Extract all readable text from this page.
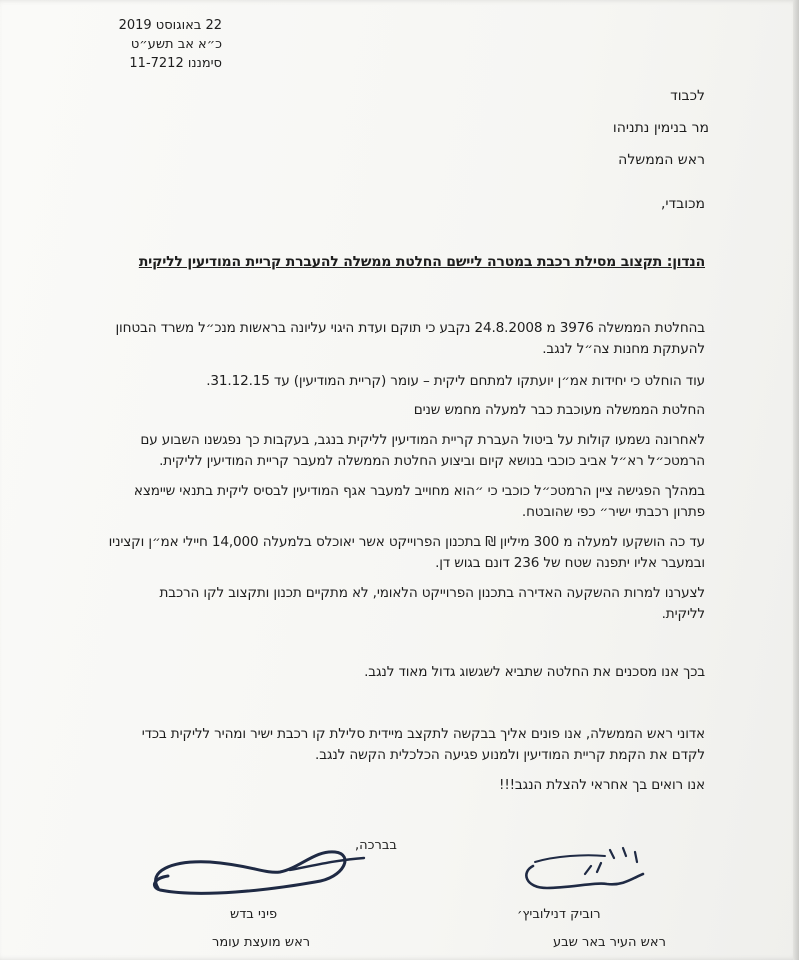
22 באוגוסט 2019
כ״א אב תשע״ט
סימננו 11-7212
לכבוד
מר בנימין נתניהו
ראש הממשלה
מכובדי,
הנדון: תקצוב מסילת רכבת במטרה ליישם החלטת ממשלה להעברת קריית המודיעין לליקית
בהחלטת הממשלה 3976 מ 24.8.2008 נקבע כי תוקם ועדת היגוי עליונה בראשות מנכ״ל משרד הבטחון
להעתקת מחנות צה״ל לנגב.
עוד הוחלט כי יחידות אמ״ן יועתקו למתחם ליקית – עומר (קריית המודיעין) עד 31.12.15.
החלטת הממשלה מעוכבת כבר למעלה מחמש שנים
לאחרונה נשמעו קולות על ביטול העברת קריית המודיעין לליקית בנגב, בעקבות כך נפגשנו השבוע עם
הרמטכ״ל רא״ל אביב כוכבי בנושא קיום וביצוע החלטת הממשלה למעבר קריית המודיעין לליקית.
במהלך הפגישה ציין הרמטכ״ל כוכבי כי ״הוא מחוייב למעבר אגף המודיעין לבסיס ליקית בתנאי שיימצא
פתרון רכבתי ישיר״ כפי שהובטח.
עד כה הושקעו למעלה מ 300 מיליון ₪ בתכנון הפרוייקט אשר יאוכלס בלמעלה 14,000 חיילי אמ״ן וקציניו
ובמעבר אליו יתפנה שטח של 236 דונם בגוש דן.
לצערנו למרות ההשקעה האדירה בתכנון הפרוייקט הלאומי, לא מתקיים תכנון ותקצוב לקו הרכבת
לליקית.
בכך אנו מסכנים את החלטה שתביא לשגשוג גדול מאוד לנגב.
אדוני ראש הממשלה, אנו פונים אליך בבקשה לתקצב מיידית סלילת קו רכבת ישיר ומהיר לליקית בכדי
לקדם את הקמת קריית המודיעין ולמנוע פגיעה הכלכלית הקשה לנגב.
אנו רואים בך אחראי להצלת הנגב!!!
בברכה,
רוביק דנילוביץ׳
ראש העיר באר שבע
פיני בדש
ראש מועצת עומר
